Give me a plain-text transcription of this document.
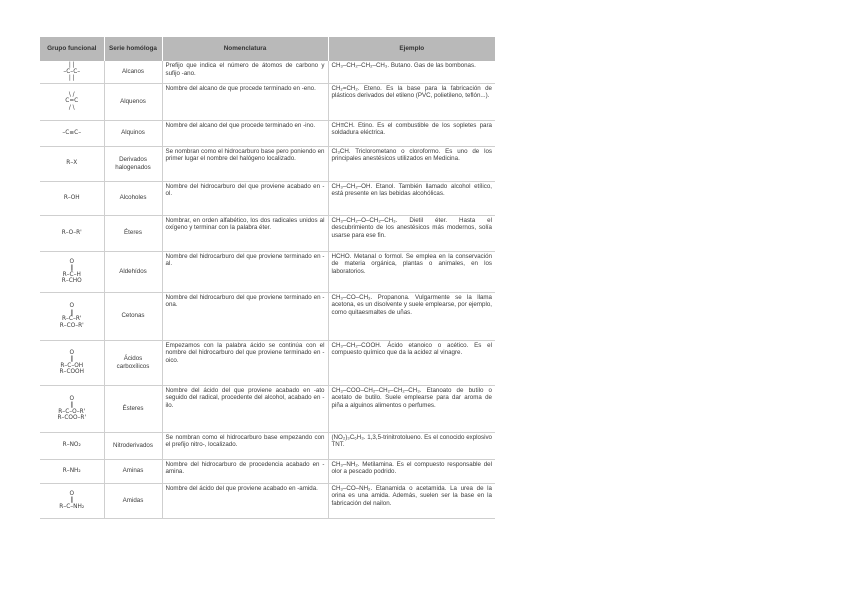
Grupo funcional	Serie homóloga	Nomenclatura	Ejemplo
| |
–C–C–
| |	Alcanos	Prefijo que indica el número de átomos de carbono y sufijo -ano.	CH₃–CH₂–CH₂–CH₃. Butano. Gas de las bombonas.
\ /
C=C
/ \	Alquenos	Nombre del alcano de que procede terminado en -eno.	CH₂=CH₂. Eteno. Es la base para la fabricación de plásticos derivados del etileno (PVC, polietileno, teflón...).
–C≡C–	Alquinos	Nombre del alcano del que procede terminado en -ino.	CH≡CH. Etino. Es el combustible de los sopletes para soldadura eléctrica.
R–X	Derivados halogenados	Se nombran como el hidrocarburo base pero poniendo en primer lugar el nombre del halógeno localizado.	Cl₃CH. Triclorometano o cloroformo. Es uno de los principales anestésicos utilizados en Medicina.
R–OH	Alcoholes	Nombre del hidrocarburo del que proviene acabado en -ol.	CH₃–CH₂–OH. Etanol. También llamado alcohol etílico, está presente en las bebidas alcohólicas.
R–O–R'	Éteres	Nombrar, en orden alfabético, los dos radicales unidos al oxígeno y terminar con la palabra éter.	CH₃–CH₂–O–CH₂–CH₃. Dietil éter. Hasta el descubrimiento de los anestésicos más modernos, solía usarse para ese fin.
O
‖
R–C–H
R–CHO	Aldehídos	Nombre del hidrocarburo del que proviene terminado en -al.	HCHO. Metanal o formol. Se emplea en la conservación de materia orgánica, plantas o animales, en los laboratorios.
O
‖
R–C–R'
R–CO–R'	Cetonas	Nombre del hidrocarburo del que proviene terminado en -ona.	CH₃–CO–CH₃. Propanona. Vulgarmente se la llama acetona, es un disolvente y suele emplearse, por ejemplo, como quitaesmaltes de uñas.
O
‖
R–C–OH
R–COOH	Ácidos carboxílicos	Empezamos con la palabra ácido se continúa con el nombre del hidrocarburo del que proviene terminado en -oico.	CH₃–CH₂–COOH. Ácido etanoico o acético. Es el compuesto químico que da la acidez al vinagre.
O
‖
R–C–O–R'
R–COO–R'	Ésteres	Nombre del ácido del que proviene acabado en -ato seguido del radical, procedente del alcohol, acabado en -ilo.	CH₃–COO–CH₂–CH₂–CH₂–CH₃. Etanoato de butilo o acetato de butilo. Suele emplearse para dar aroma de piña a alguinos alimentos o perfumes.
R–NO₂	Nitroderivados	Se nombran como el hidrocarburo base empezando con el prefijo nitro-, localizado.	(NO₂)₃C₆H₃. 1,3,5-trinitrotolueno. Es el conocido explosivo TNT.
R–NH₂	Aminas	Nombre del hidrocarburo de procedencia acabado en -amina.	CH₃–NH₂. Metilamina. Es el compuesto responsable del olor a pescado podrido.
O
‖
R–C–NH₂	Amidas	Nombre del ácido del que proviene acabado en -amida.	CH₃–CO–NH₂. Etanamida o acetamida. La urea de la orina es una amida. Además, suelen ser la base en la fabricación del nailon.
